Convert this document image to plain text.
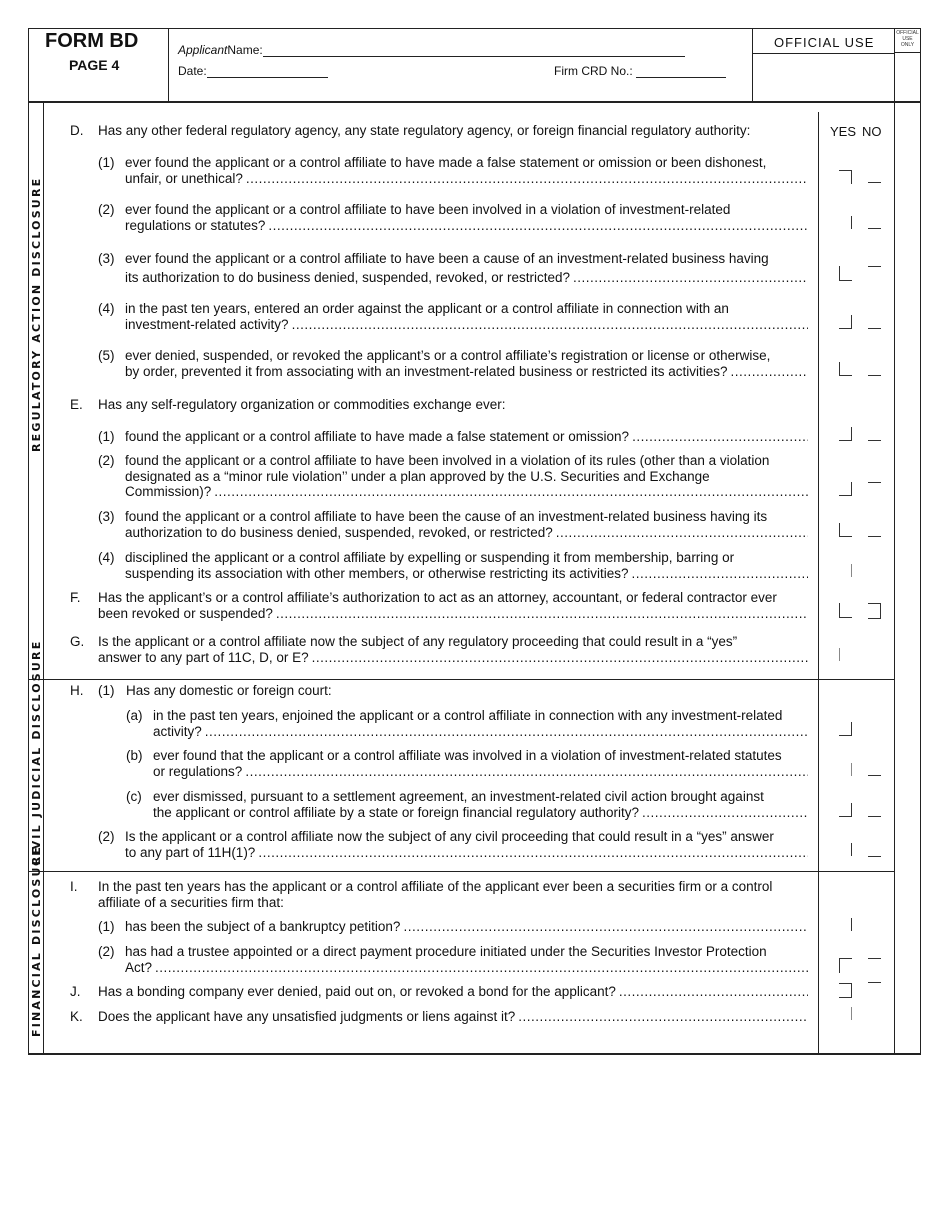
FORM BD
PAGE 4
ApplicantName:
Date:	Firm CRD No.:
OFFICIAL USE
OFFICIAL
USE
ONLY
YES NO
REGULATORY ACTION DISCLOSURE
CIVIL JUDICIAL DISCLOSURE
FINANCIAL DISCLOSURE
D.	Has any other federal regulatory agency, any state regulatory agency, or foreign financial regulatory authority:
(1) ever found the applicant or a control affiliate to have made a false statement or omission or been dishonest,
unfair, or unethical?
.....
(2) ever found the applicant or a control affiliate to have been involved in a violation of investment-related
regulations or statutes?
.....
(3) ever found the applicant or a control affiliate to have been a cause of an investment-related business having
its authorization to do business denied, suspended, revoked, or restricted?
.....
(4) in the past ten years, entered an order against the applicant or a control affiliate in connection with an
investment-related activity?
.....
(5) ever denied, suspended, or revoked the applicant’s or a control affiliate’s registration or license or otherwise,
by order, prevented it from associating with an investment-related business or restricted its activities?
.....
E.	Has any self-regulatory organization or commodities exchange ever:
(1) found the applicant or a control affiliate to have made a false statement or omission?
.....
(2) found the applicant or a control affiliate to have been involved in a violation of its rules (other than a violation
designated as a “minor rule violation’’ under a plan approved by the U.S. Securities and Exchange
Commission)?
.....
(3) found the applicant or a control affiliate to have been the cause of an investment-related business having its
authorization to do business denied, suspended, revoked, or restricted?
.....
(4) disciplined the applicant or a control affiliate by expelling or suspending it from membership, barring or
suspending its association with other members, or otherwise restricting its activities?
.....
F.	Has the applicant’s or a control affiliate’s authorization to act as an attorney, accountant, or federal contractor ever
been revoked or suspended?
.....
G.	Is the applicant or a control affiliate now the subject of any regulatory proceeding that could result in a “yes”
answer to any part of 11C, D, or E?
.....
H.	(1) Has any domestic or foreign court:
(a) in the past ten years, enjoined the applicant or a control affiliate in connection with any investment-related
activity?
.....
(b) ever found that the applicant or a control affiliate was involved in a violation of investment-related statutes
or regulations?
.....
(c) ever dismissed, pursuant to a settlement agreement, an investment-related civil action brought against
the applicant or control affiliate by a state or foreign financial regulatory authority?
.....
(2) Is the applicant or a control affiliate now the subject of any civil proceeding that could result in a “yes” answer
to any part of 11H(1)?
.....
I.	In the past ten years has the applicant or a control affiliate of the applicant ever been a securities firm or a control
affiliate of a securities firm that:
(1) has been the subject of a bankruptcy petition?
.....
(2) has had a trustee appointed or a direct payment procedure initiated under the Securities Investor Protection
Act?
.....
J.	Has a bonding company ever denied, paid out on, or revoked a bond for the applicant?
.....
K.	Does the applicant have any unsatisfied judgments or liens against it?
.....
